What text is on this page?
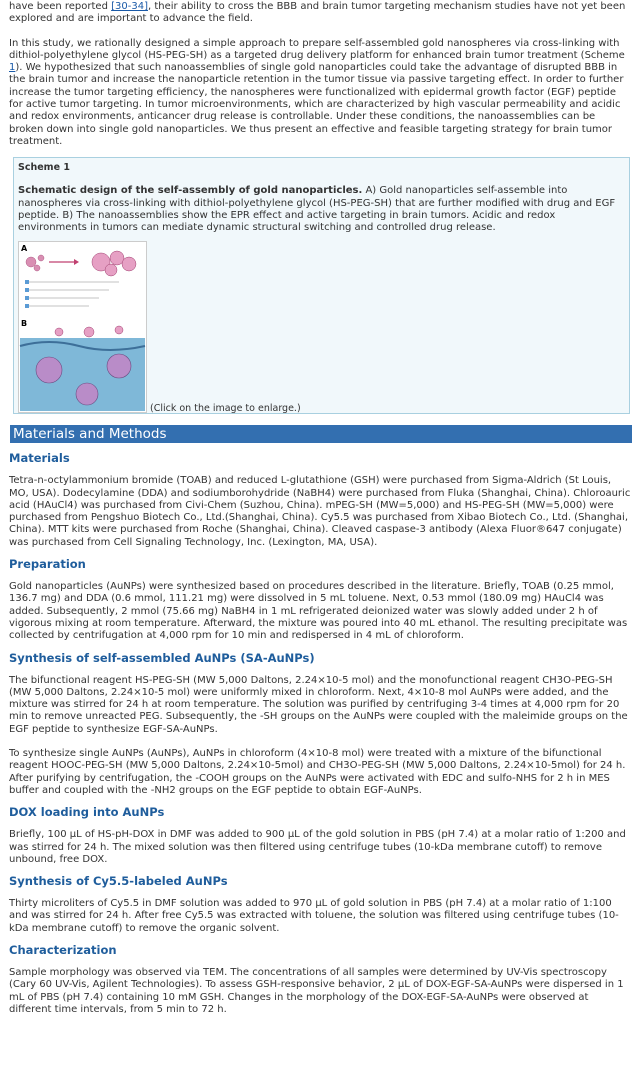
have been reported [30-34], their ability to cross the BBB and brain tumor targeting mechanism studies have not yet been explored and are important to advance the field.

In this study, we rationally designed a simple approach to prepare self-assembled gold nanospheres via cross-linking with dithiol-polyethylene glycol (HS-PEG-SH) as a targeted drug delivery platform for enhanced brain tumor treatment (Scheme 1). We hypothesized that such nanoassemblies of single gold nanoparticles could take the advantage of disrupted BBB in the brain tumor and increase the nanoparticle retention in the tumor tissue via passive targeting effect. In order to further increase the tumor targeting efficiency, the nanospheres were functionalized with epidermal growth factor (EGF) peptide for active tumor targeting. In tumor microenvironments, which are characterized by high vascular permeability and acidic and redox environments, anticancer drug release is controllable. Under these conditions, the nanoassemblies can be broken down into single gold nanoparticles. We thus present an effective and feasible targeting strategy for brain tumor treatment.

Scheme 1

Schematic design of the self-assembly of gold nanoparticles. A) Gold nanoparticles self-assemble into nanospheres via cross-linking with dithiol-polyethylene glycol (HS-PEG-SH) that are further modified with drug and EGF peptide. B) The nanoassemblies show the EPR effect and active targeting in brain tumors. Acidic and redox environments in tumors can mediate dynamic structural switching and controlled drug release.

A
B
(Click on the image to enlarge.)
Materials and Methods
Materials

Tetra-n-octylammonium bromide (TOAB) and reduced L-glutathione (GSH) were purchased from Sigma-Aldrich (St Louis, MO, USA). Dodecylamine (DDA) and sodiumborohydride (NaBH4) were purchased from Fluka (Shanghai, China). Chloroauric acid (HAuCl4) was purchased from Civi-Chem (Suzhou, China). mPEG-SH (MW=5,000) and HS-PEG-SH (MW=5,000) were purchased from Pengshuo Biotech Co., Ltd.(Shanghai, China). Cy5.5 was purchased from Xibao Biotech Co., Ltd. (Shanghai, China). MTT kits were purchased from Roche (Shanghai, China). Cleaved caspase-3 antibody (Alexa Fluor®647 conjugate) was purchased from Cell Signaling Technology, Inc. (Lexington, MA, USA).

Preparation

Gold nanoparticles (AuNPs) were synthesized based on procedures described in the literature. Briefly, TOAB (0.25 mmol, 136.7 mg) and DDA (0.6 mmol, 111.21 mg) were dissolved in 5 mL toluene. Next, 0.53 mmol (180.09 mg) HAuCl4 was added. Subsequently, 2 mmol (75.66 mg) NaBH4 in 1 mL refrigerated deionized water was slowly added under 2 h of vigorous mixing at room temperature. Afterward, the mixture was poured into 40 mL ethanol. The resulting precipitate was collected by centrifugation at 4,000 rpm for 10 min and redispersed in 4 mL of chloroform.

Synthesis of self-assembled AuNPs (SA-AuNPs)

The bifunctional reagent HS-PEG-SH (MW 5,000 Daltons, 2.24×10-5 mol) and the monofunctional reagent CH3O-PEG-SH (MW 5,000 Daltons, 2.24×10-5 mol) were uniformly mixed in chloroform. Next, 4×10-8 mol AuNPs were added, and the mixture was stirred for 24 h at room temperature. The solution was purified by centrifuging 3-4 times at 4,000 rpm for 20 min to remove unreacted PEG. Subsequently, the -SH groups on the AuNPs were coupled with the maleimide groups on the EGF peptide to synthesize EGF-SA-AuNPs.

To synthesize single AuNPs (AuNPs), AuNPs in chloroform (4×10-8 mol) were treated with a mixture of the bifunctional reagent HOOC-PEG-SH (MW 5,000 Daltons, 2.24×10-5mol) and CH3O-PEG-SH (MW 5,000 Daltons, 2.24×10-5mol) for 24 h. After purifying by centrifugation, the -COOH groups on the AuNPs were activated with EDC and sulfo-NHS for 2 h in MES buffer and coupled with the -NH2 groups on the EGF peptide to obtain EGF-AuNPs.

DOX loading into AuNPs

Briefly, 100 µL of HS-pH-DOX in DMF was added to 900 µL of the gold solution in PBS (pH 7.4) at a molar ratio of 1:200 and was stirred for 24 h. The mixed solution was then filtered using centrifuge tubes (10-kDa membrane cutoff) to remove unbound, free DOX.

Synthesis of Cy5.5-labeled AuNPs

Thirty microliters of Cy5.5 in DMF solution was added to 970 µL of gold solution in PBS (pH 7.4) at a molar ratio of 1:100 and was stirred for 24 h. After free Cy5.5 was extracted with toluene, the solution was filtered using centrifuge tubes (10-kDa membrane cutoff) to remove the organic solvent.

Characterization

Sample morphology was observed via TEM. The concentrations of all samples were determined by UV-Vis spectroscopy (Cary 60 UV-Vis, Agilent Technologies). To assess GSH-responsive behavior, 2 µL of DOX-EGF-SA-AuNPs were dispersed in 1 mL of PBS (pH 7.4) containing 10 mM GSH. Changes in the morphology of the DOX-EGF-SA-AuNPs were observed at different time intervals, from 5 min to 72 h.
